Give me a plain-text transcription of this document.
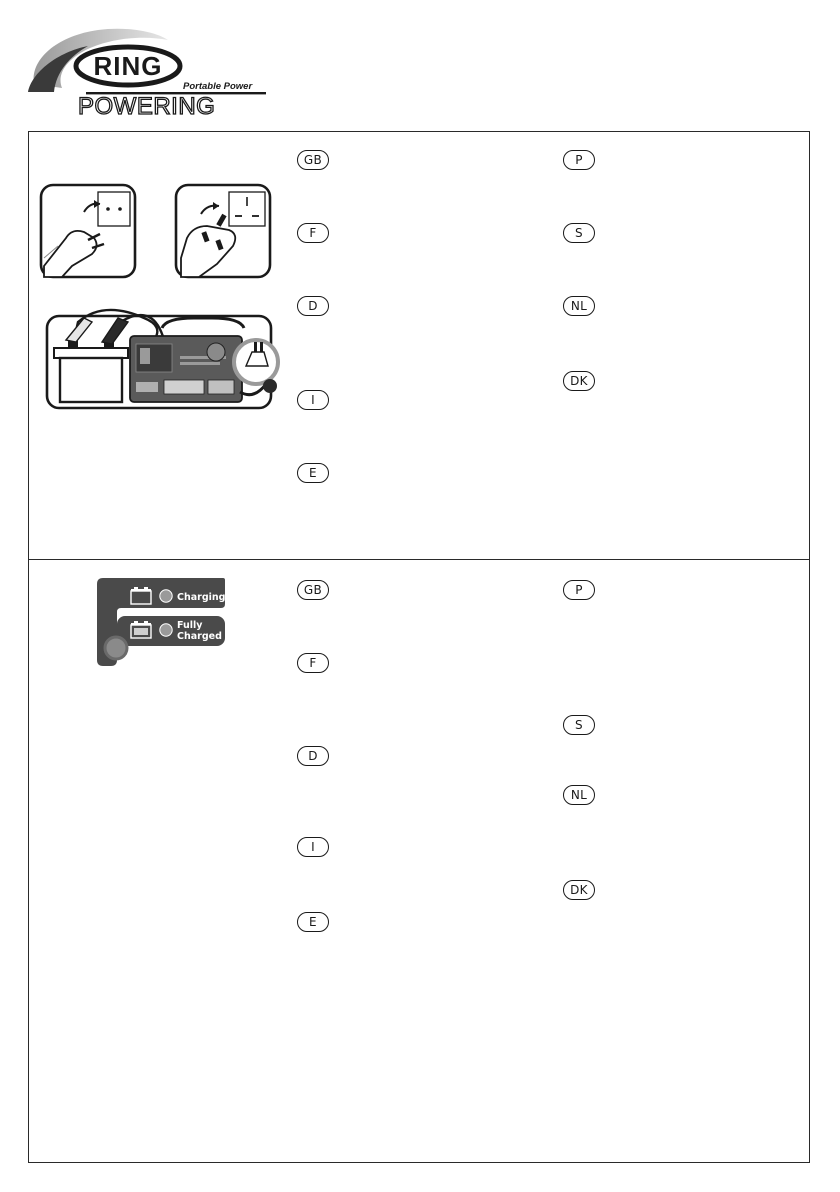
RING
Portable Power
POWERING
Charging
Fully
Charged
GB
F
D
I
E
P
S
NL
DK
GB
F
D
I
E
P
S
NL
DK
